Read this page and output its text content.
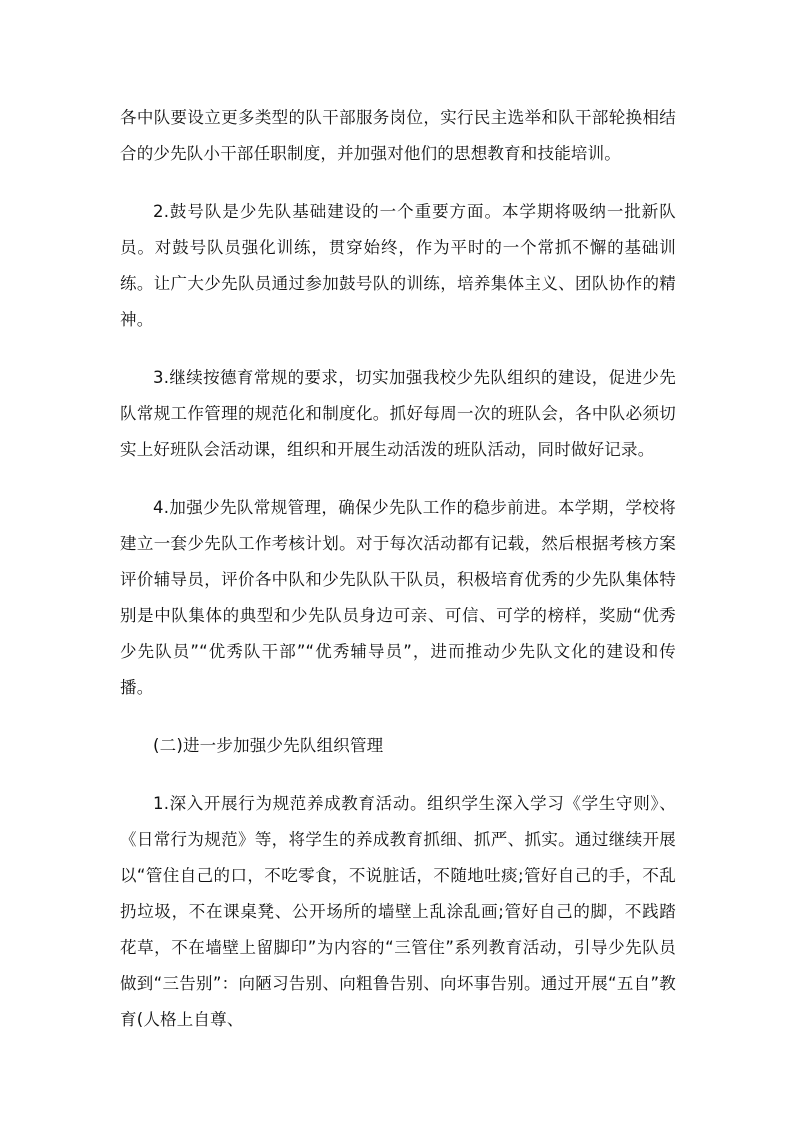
各中队要设立更多类型的队干部服务岗位，实行民主选举和队干部轮换相结合的少先队小干部任职制度，并加强对他们的思想教育和技能培训。

2.鼓号队是少先队基础建设的一个重要方面。本学期将吸纳一批新队员。对鼓号队员强化训练，贯穿始终，作为平时的一个常抓不懈的基础训练。让广大少先队员通过参加鼓号队的训练，培养集体主义、团队协作的精神。

3.继续按德育常规的要求，切实加强我校少先队组织的建设，促进少先队常规工作管理的规范化和制度化。抓好每周一次的班队会，各中队必须切实上好班队会活动课，组织和开展生动活泼的班队活动，同时做好记录。

4.加强少先队常规管理，确保少先队工作的稳步前进。本学期，学校将建立一套少先队工作考核计划。对于每次活动都有记载，然后根据考核方案评价辅导员，评价各中队和少先队队干队员，积极培育优秀的少先队集体特别是中队集体的典型和少先队员身边可亲、可信、可学的榜样，奖励“优秀少先队员”“优秀队干部”“优秀辅导员”，进而推动少先队文化的建设和传播。

(二)进一步加强少先队组织管理

1.深入开展行为规范养成教育活动。组织学生深入学习《学生守则》、《日常行为规范》等，将学生的养成教育抓细、抓严、抓实。通过继续开展以“管住自己的口，不吃零食，不说脏话，不随地吐痰;管好自己的手，不乱扔垃圾，不在课桌凳、公开场所的墙壁上乱涂乱画;管好自己的脚，不践踏花草，不在墙壁上留脚印”为内容的“三管住”系列教育活动，引导少先队员做到“三告别”：向陋习告别、向粗鲁告别、向坏事告别。通过开展“五自”教育(人格上自尊、
